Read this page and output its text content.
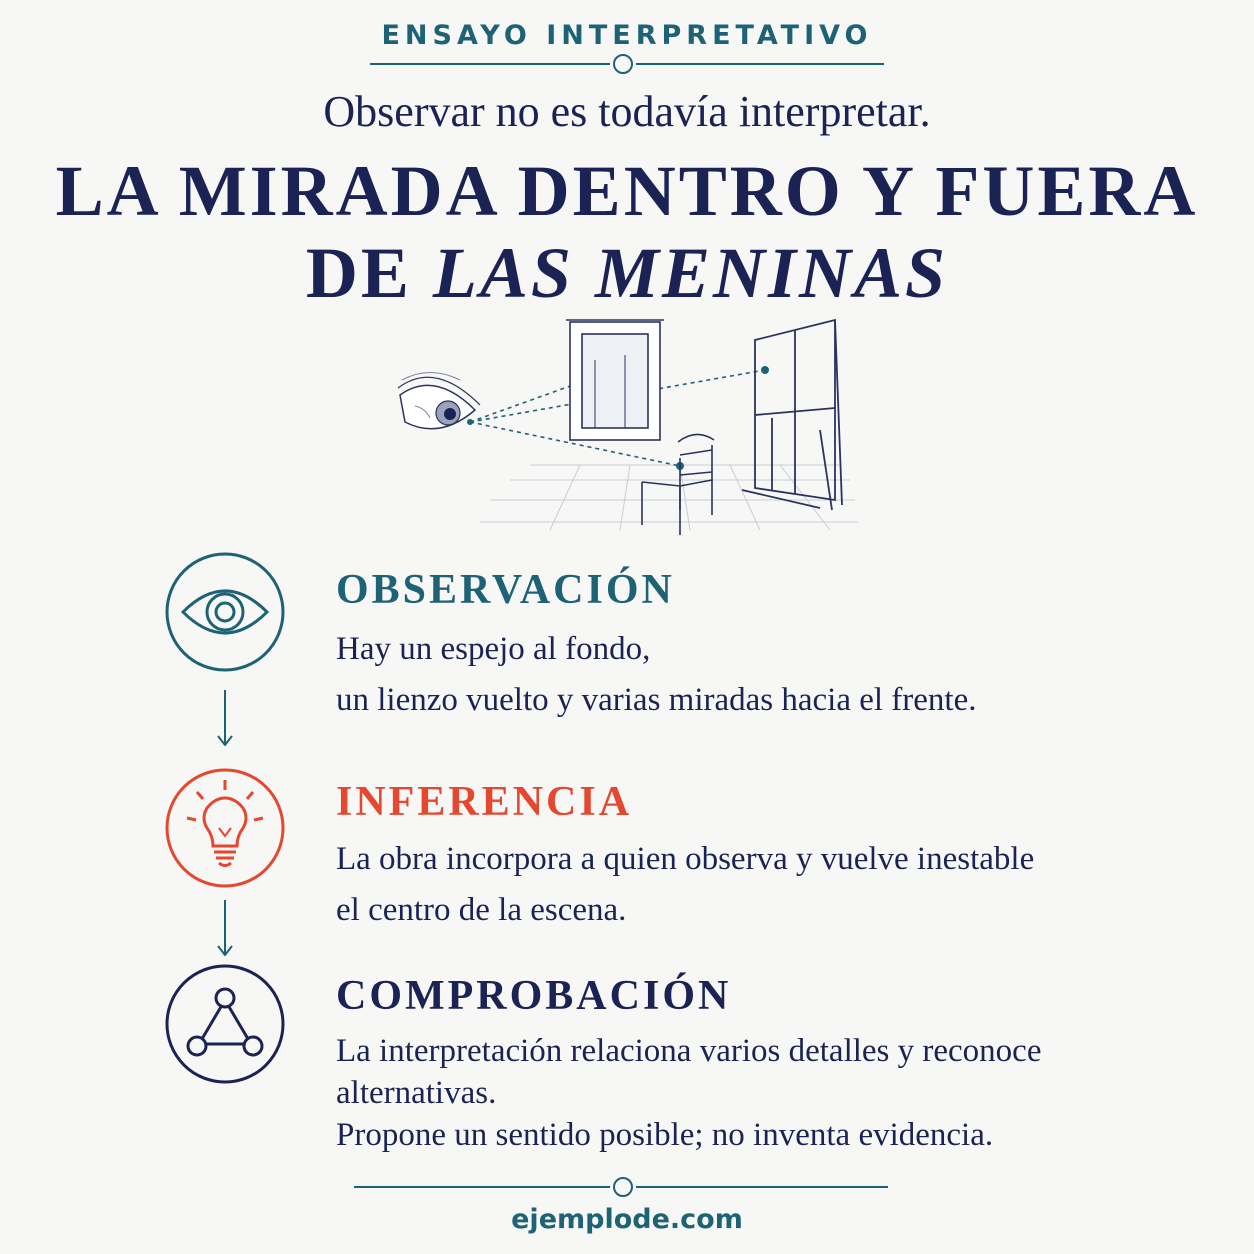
ENSAYO INTERPRETATIVO
Observar no es todavía interpretar.
LA MIRADA DENTRO Y FUERA
DE LAS MENINAS
OBSERVACIÓN
Hay un espejo al fondo,
un lienzo vuelto y varias miradas hacia el frente.
INFERENCIA
La obra incorpora a quien observa y vuelve inestable
el centro de la escena.
COMPROBACIÓN
La interpretación relaciona varios detalles y reconoce
alternativas.
Propone un sentido posible; no inventa evidencia.
ejemplode.com
